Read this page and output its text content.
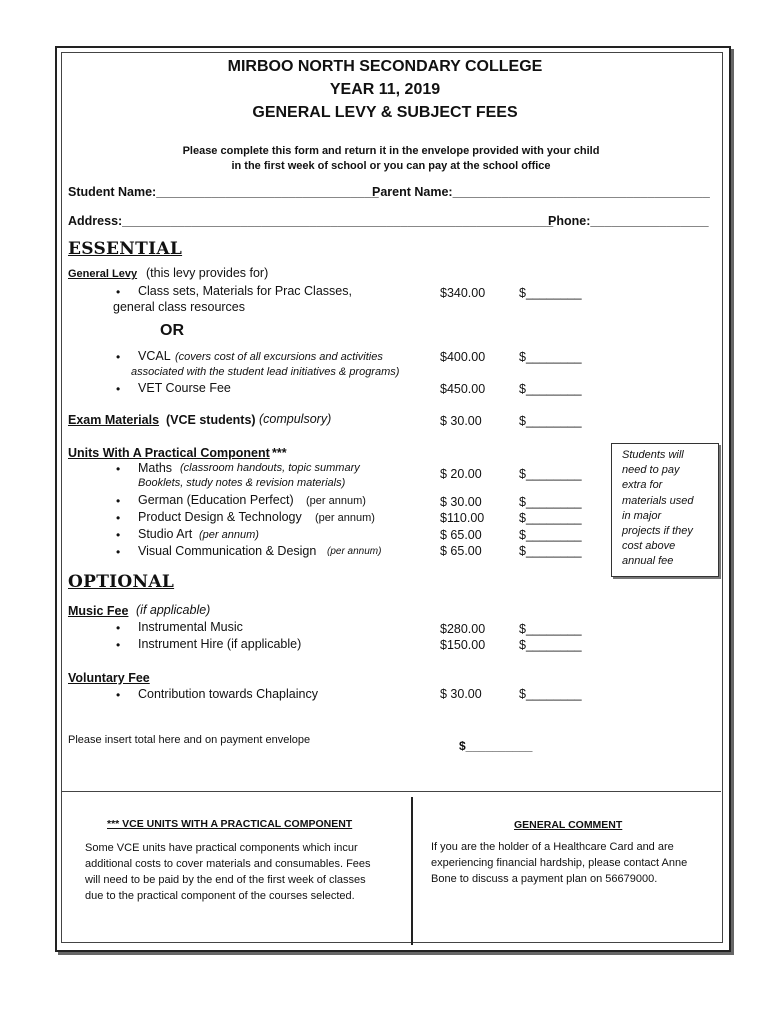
MIRBOO NORTH SECONDARY COLLEGE
YEAR 11, 2019
GENERAL LEVY & SUBJECT FEES
Please complete this form and return it in the envelope provided with your child
in the first week of school or you can pay at the school office
Student Name:________________________________
Parent Name:_____________________________________
Address:______________________________________________________________
Phone:_________________
ESSENTIAL
General Levy (this levy provides for)
• Class sets, Materials for Prac Classes,
general class resources
$340.00	$________
OR
• VCAL (covers cost of all excursions and activities
associated with the student lead initiatives & programs)
$400.00	$________
• VET Course Fee	$450.00	$________
Exam Materials (VCE students) (compulsory)	$ 30.00	$________
Units With A Practical Component ***
• Maths (classroom handouts, topic summary
Booklets, study notes & revision materials)
$ 20.00	$________
• German (Education Perfect) (per annum)	$ 30.00	$________
• Product Design & Technology (per annum)	$110.00	$________
• Studio Art (per annum)	$ 65.00	$________
• Visual Communication & Design (per annum)	$ 65.00	$________
Students will
need to pay
extra for
materials used
in major
projects if they
cost above
annual fee
OPTIONAL
Music Fee (if applicable)
• Instrumental Music	$280.00	$________
• Instrument Hire (if applicable)	$150.00	$________
Voluntary Fee
• Contribution towards Chaplaincy	$ 30.00	$________
Please insert total here and on payment envelope	$__________
*** VCE UNITS WITH A PRACTICAL COMPONENT
Some VCE units have practical components which incur
additional costs to cover materials and consumables. Fees
will need to be paid by the end of the first week of classes
due to the practical component of the courses selected.
GENERAL COMMENT
If you are the holder of a Healthcare Card and are
experiencing financial hardship, please contact Anne
Bone to discuss a payment plan on 56679000.
